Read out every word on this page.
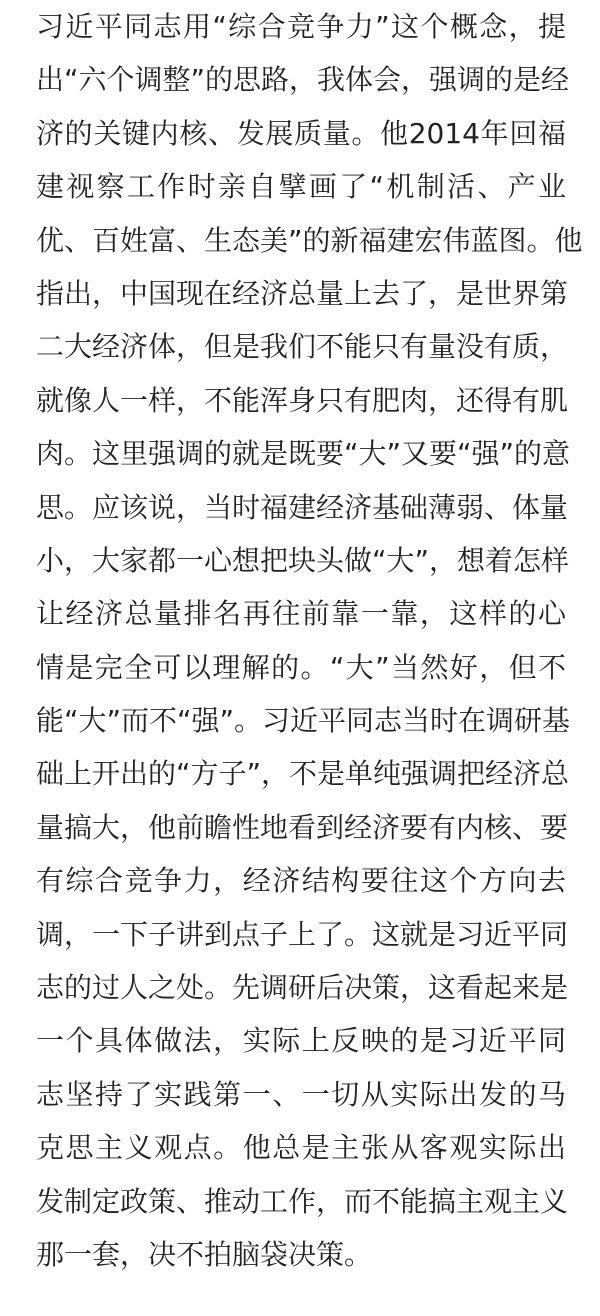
习近平同志用“综合竞争力”这个概念，提
出“六个调整”的思路，我体会，强调的是经
济的关键内核、发展质量。他2014年回福
建视察工作时亲自擘画了“机制活、产业
优、百姓富、生态美”的新福建宏伟蓝图。他
指出，中国现在经济总量上去了，是世界第
二大经济体，但是我们不能只有量没有质，
就像人一样，不能浑身只有肥肉，还得有肌
肉。这里强调的就是既要“大”又要“强”的意
思。应该说，当时福建经济基础薄弱、体量
小，大家都一心想把块头做“大”，想着怎样
让经济总量排名再往前靠一靠，这样的心
情是完全可以理解的。“大”当然好，但不
能“大”而不“强”。习近平同志当时在调研基
础上开出的“方子”，不是单纯强调把经济总
量搞大，他前瞻性地看到经济要有内核、要
有综合竞争力，经济结构要往这个方向去
调，一下子讲到点子上了。这就是习近平同
志的过人之处。先调研后决策，这看起来是
一个具体做法，实际上反映的是习近平同
志坚持了实践第一、一切从实际出发的马
克思主义观点。他总是主张从客观实际出
发制定政策、推动工作，而不能搞主观主义
那一套，决不拍脑袋决策。
